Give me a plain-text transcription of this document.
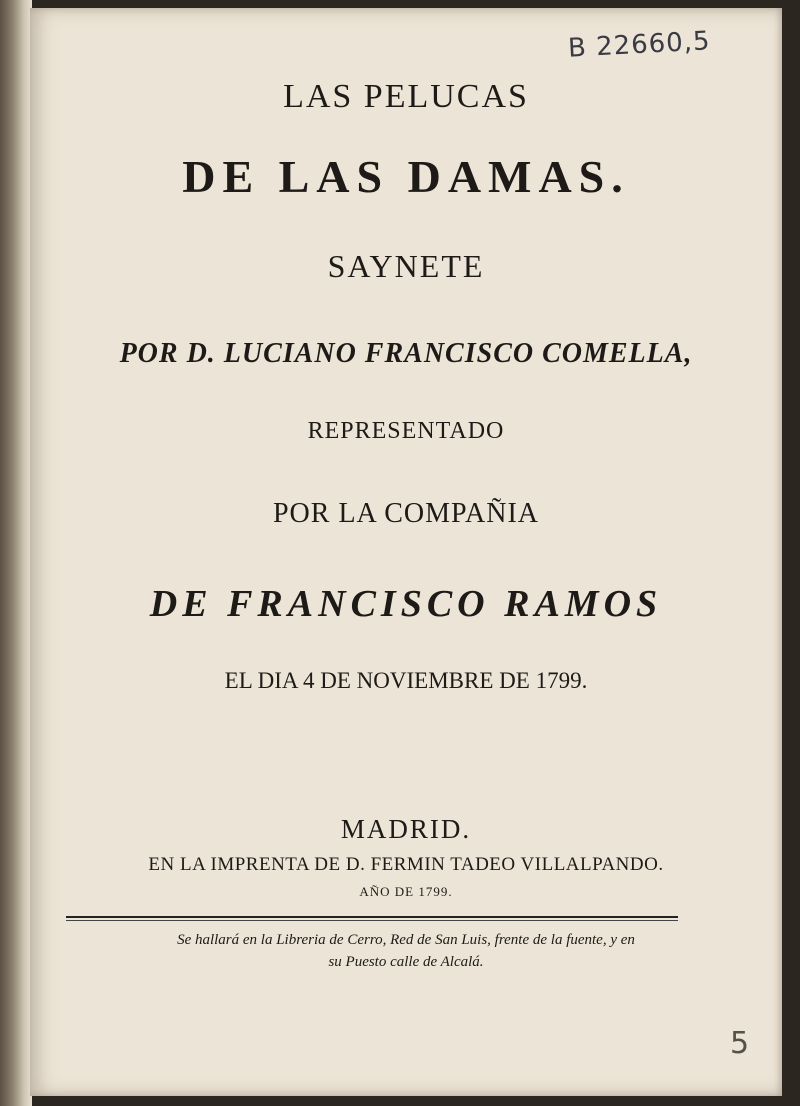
B 22660,5
LAS PELUCAS
DE LAS DAMAS.
SAYNETE
POR D. LUCIANO FRANCISCO COMELLA,
REPRESENTADO
POR LA COMPAÑIA
DE FRANCISCO RAMOS
EL DIA 4 DE NOVIEMBRE DE 1799.
MADRID.
EN LA IMPRENTA DE D. FERMIN TADEO VILLALPANDO.
AÑO DE 1799.
Se hallará en la Libreria de Cerro, Red de San Luis, frente de la fuente, y en
su Puesto calle de Alcalá.
5
